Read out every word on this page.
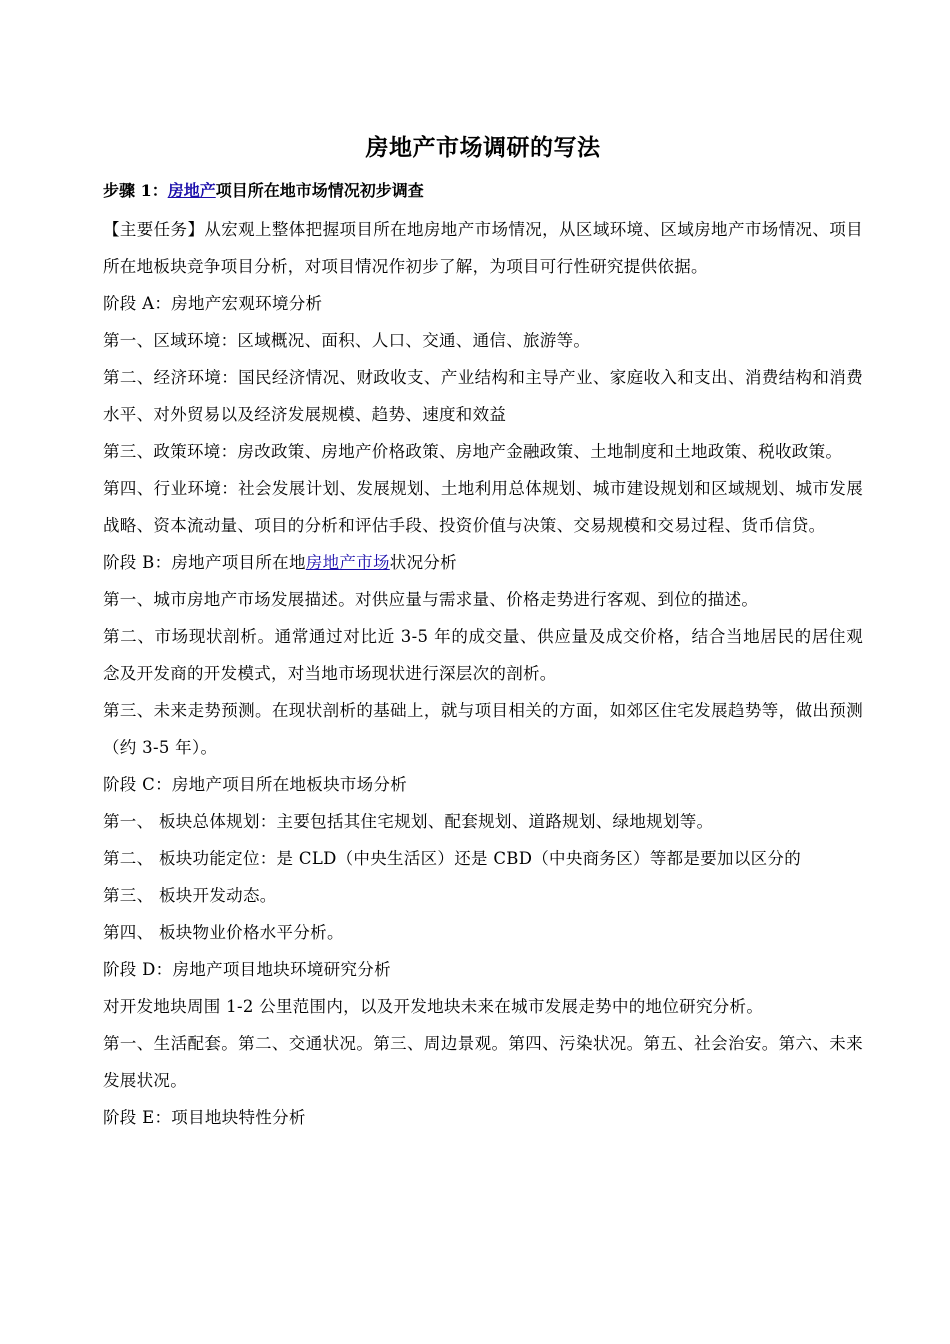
房地产市场调研的写法
步骤 1：房地产项目所在地市场情况初步调查

【主要任务】从宏观上整体把握项目所在地房地产市场情况，从区域环境、区域房地产市场情况、项目所在地板块竞争项目分析，对项目情况作初步了解，为项目可行性研究提供依据。

阶段 A：房地产宏观环境分析

第一、区域环境：区域概况、面积、人口、交通、通信、旅游等。

第二、经济环境：国民经济情况、财政收支、产业结构和主导产业、家庭收入和支出、消费结构和消费水平、对外贸易以及经济发展规模、趋势、速度和效益

第三、政策环境：房改政策、房地产价格政策、房地产金融政策、土地制度和土地政策、税收政策。

第四、行业环境：社会发展计划、发展规划、土地利用总体规划、城市建设规划和区域规划、城市发展战略、资本流动量、项目的分析和评估手段、投资价值与决策、交易规模和交易过程、货币信贷。

阶段 B：房地产项目所在地房地产市场状况分析

第一、城市房地产市场发展描述。对供应量与需求量、价格走势进行客观、到位的描述。

第二、市场现状剖析。通常通过对比近 3-5 年的成交量、供应量及成交价格，结合当地居民的居住观念及开发商的开发模式，对当地市场现状进行深层次的剖析。

第三、未来走势预测。在现状剖析的基础上，就与项目相关的方面，如郊区住宅发展趋势等，做出预测（约 3-5 年）。

阶段 C：房地产项目所在地板块市场分析

第一、 板块总体规划：主要包括其住宅规划、配套规划、道路规划、绿地规划等。

第二、 板块功能定位：是 CLD（中央生活区）还是 CBD（中央商务区）等都是要加以区分的

第三、 板块开发动态。

第四、 板块物业价格水平分析。

阶段 D：房地产项目地块环境研究分析

对开发地块周围 1-2 公里范围内，以及开发地块未来在城市发展走势中的地位研究分析。

第一、生活配套。第二、交通状况。第三、周边景观。第四、污染状况。第五、社会治安。第六、未来发展状况。

阶段 E：项目地块特性分析
